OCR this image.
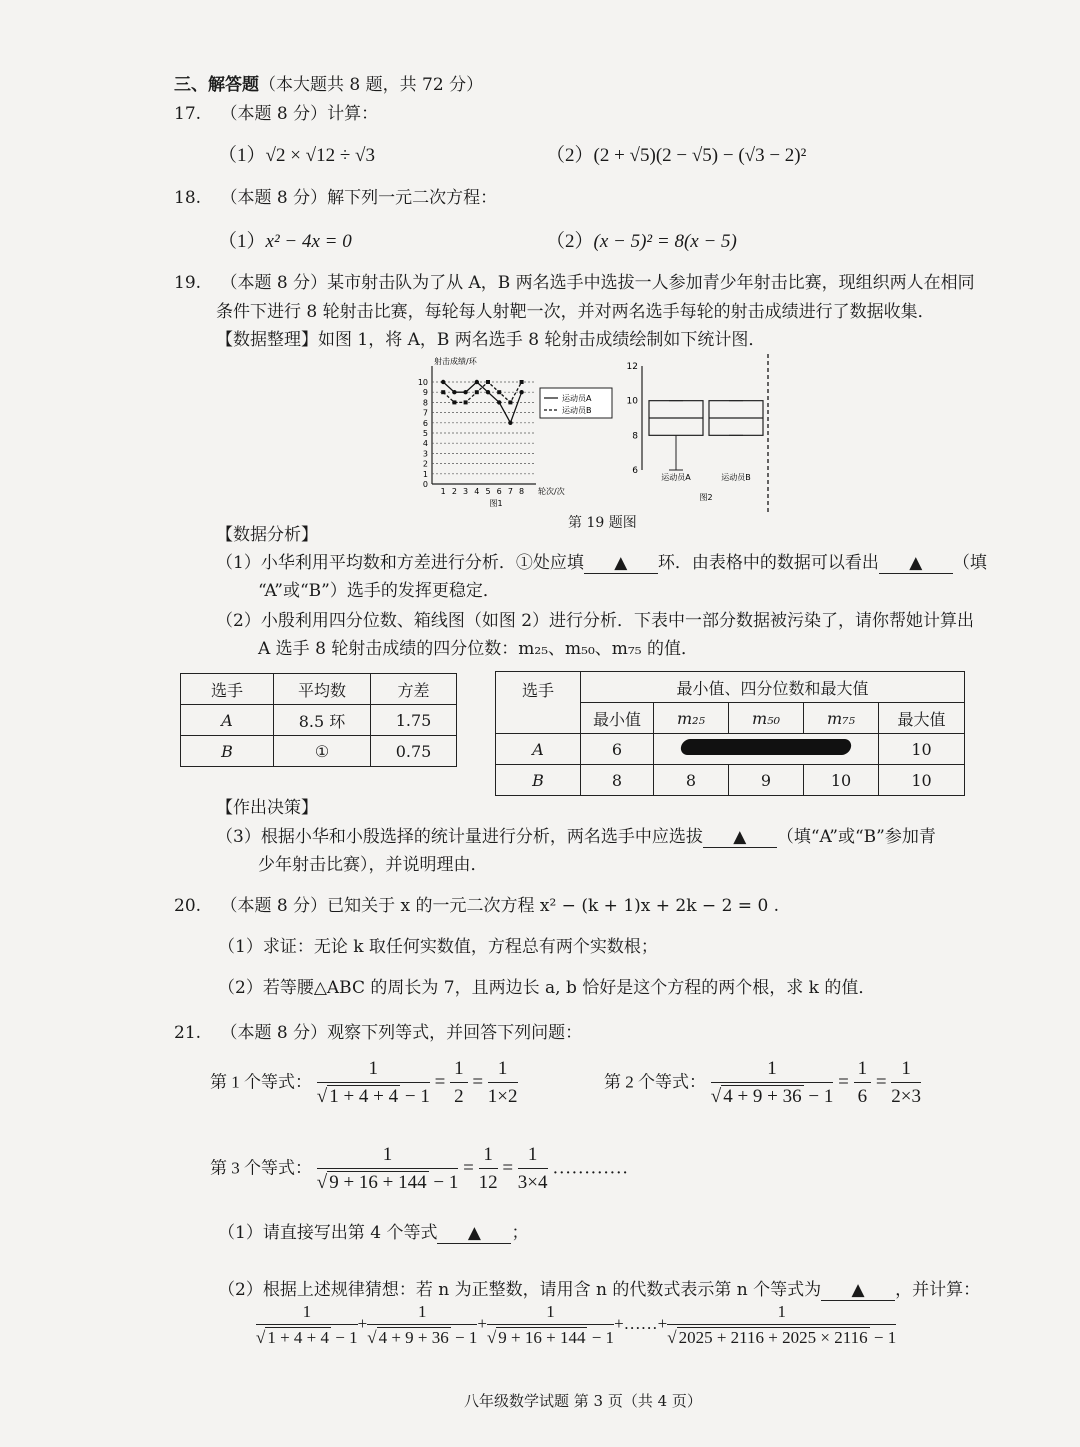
三、解答题（本大题共 8 题，共 72 分）
17. （本题 8 分）计算：
（1）√2 × √12 ÷ √3	（2）(2 + √5)(2 − √5) − (√3 − 2)²
18. （本题 8 分）解下列一元二次方程：
（1）x² − 4x = 0	（2）(x − 5)² = 8(x − 5)
19. （本题 8 分）某市射击队为了从 A，B 两名选手中选拔一人参加青少年射击比赛，现组织两人在相同
条件下进行 8 轮射击比赛，每轮每人射靶一次，并对两名选手每轮的射击成绩进行了数据收集．
【数据整理】如图 1，将 A，B 两名选手 8 轮射击成绩绘制如下统计图．
0
1
2
3
4
5
6
7
8
9
10
1 2 3 4 5 6 7 8 轮次/次
射击成绩/环
图1
运动员A
运动员B
6
8
10
12
运动员A	运动员B
图2
第 19 题图
【数据分析】
（1）小华利用平均数和方差进行分析．①处应填 ▲ 环．由表格中的数据可以看出 ▲ （填
“A”或“B”）选手的发挥更稳定．
（2）小殷利用四分位数、箱线图（如图 2）进行分析．下表中一部分数据被污染了，请你帮她计算出
A 选手 8 轮射击成绩的四分位数：m₂₅、m₅₀、m₇₅ 的值．
选手	平均数	方差
A	8.5 环	1.75
B	①	0.75
选手	最小值、四分位数和最大值				
	最小值	m₂₅	m₅₀	m₇₅	最大值
A	6				10
B	8	8	9	10	10
【作出决策】
（3）根据小华和小殷选择的统计量进行分析，两名选手中应选拔 ▲ （填“A”或“B”参加青
少年射击比赛），并说明理由．
20. （本题 8 分）已知关于 x 的一元二次方程 x² − (k + 1)x + 2k − 2 = 0 .
（1）求证：无论 k 取任何实数值，方程总有两个实数根；
（2）若等腰△ABC 的周长为 7，且两边长 a, b 恰好是这个方程的两个根，求 k 的值．
21. （本题 8 分）观察下列等式，并回答下列问题：
第 1 个等式： $\frac{1}{√ 1 + 4 + 4 - 1} = \frac{1}{2} = \frac{1}{1\times 2}$	第 2 个等式： $\frac{1}{√ 4 + 9 + 36 - 1} = \frac{1}{6} = \frac{1}{2\times 3}$
第 3 个等式： $\frac{1}{√ 9 + 16 + 144 - 1} = \frac{1}{12} = \frac{1}{3\times 4}$ …………
（1）请直接写出第 4 个等式 ▲ ；
（2）根据上述规律猜想：若 n 为正整数，请用含 n 的代数式表示第 n 个等式为 ▲ ，并计算：
$\frac{1}{√ 1 + 4 + 4 - 1} + \frac{1}{√ 4 + 9 + 36 - 1} + \frac{1}{√ 9 + 16 + 144 - 1}$ +……+ $\frac{1}{√ 2025 + 2116 + 2025 \times 2116 - 1}$
八年级数学试题 第 3 页（共 4 页）
